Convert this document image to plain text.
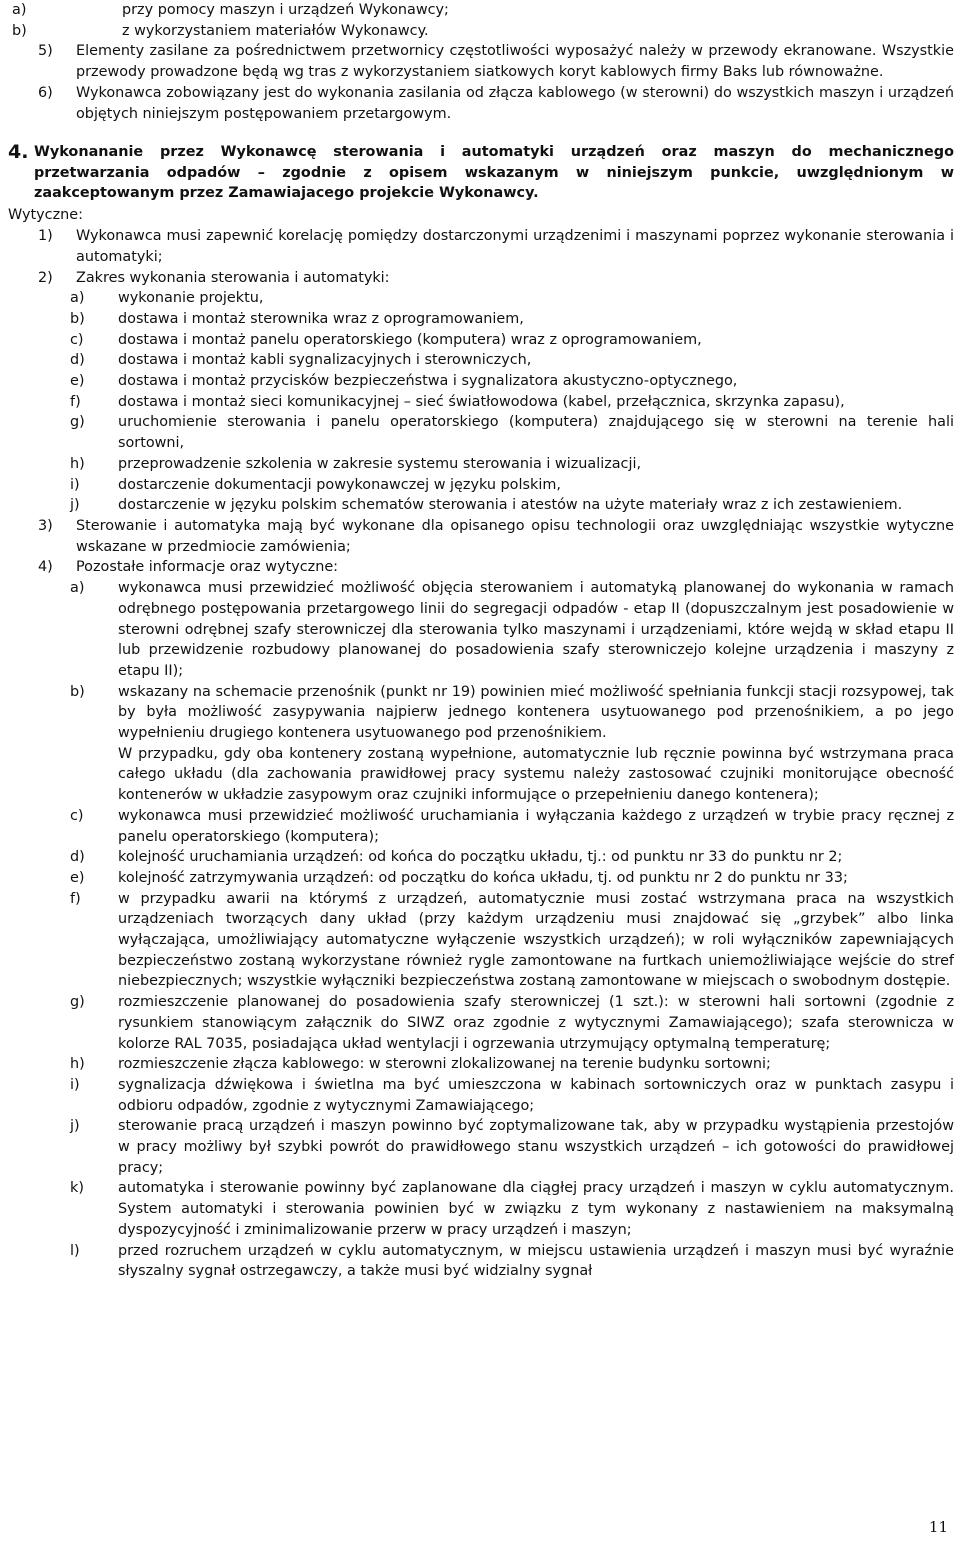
a)	przy pomocy maszyn i urządzeń Wykonawcy;
b)	z wykorzystaniem materiałów Wykonawcy.
5)	Elementy zasilane za pośrednictwem przetwornicy częstotliwości wyposażyć należy w przewody ekranowane. Wszystkie przewody prowadzone będą wg tras z wykorzystaniem siatkowych koryt kablowych firmy Baks lub równoważne.
6)	Wykonawca zobowiązany jest do wykonania zasilania od złącza kablowego (w sterowni) do wszystkich maszyn i urządzeń objętych niniejszym postępowaniem przetargowym.
4. Wykonananie przez Wykonawcę sterowania i automatyki urządzeń oraz maszyn do mechanicznego przetwarzania odpadów – zgodnie z opisem wskazanym w niniejszym punkcie, uwzględnionym w zaakceptowanym przez Zamawiajacego projekcie Wykonawcy.
Wytyczne:
1)	Wykonawca musi zapewnić korelację pomiędzy dostarczonymi urządzenimi i maszynami poprzez wykonanie sterowania i automatyki;
2)	Zakres wykonania sterowania i automatyki:
a)	wykonanie projektu,
b)	dostawa i montaż sterownika wraz z oprogramowaniem,
c)	dostawa i montaż panelu operatorskiego (komputera) wraz z oprogramowaniem,
d)	dostawa i montaż kabli sygnalizacyjnych i sterowniczych,
e)	dostawa i montaż przycisków bezpieczeństwa i sygnalizatora akustyczno-optycznego,
f)	dostawa i montaż sieci komunikacyjnej – sieć światłowodowa (kabel, przełącznica, skrzynka zapasu),
g)	uruchomienie sterowania i panelu operatorskiego (komputera) znajdującego się w sterowni na terenie hali sortowni,
h)	przeprowadzenie szkolenia w zakresie systemu sterowania i wizualizacji,
i)	dostarczenie dokumentacji powykonawczej w języku polskim,
j)	dostarczenie w języku polskim schematów sterowania i atestów na użyte materiały wraz z ich zestawieniem.
3)	Sterowanie i automatyka mają być wykonane dla opisanego opisu technologii oraz uwzględniając wszystkie wytyczne wskazane w przedmiocie zamówienia;
4)	Pozostałe informacje oraz wytyczne:
a)	wykonawca musi przewidzieć możliwość objęcia sterowaniem i automatyką planowanej do wykonania w ramach odrębnego postępowania przetargowego linii do segregacji odpadów - etap II (dopuszczalnym jest posadowienie w sterowni odrębnej szafy sterowniczej dla sterowania tylko maszynami i urządzeniami, które wejdą w skład etapu II lub przewidzenie rozbudowy planowanej do posadowienia szafy sterowniczejo kolejne urządzenia i maszyny z etapu II);
b)	wskazany na schemacie przenośnik (punkt nr 19) powinien mieć możliwość spełniania funkcji stacji rozsypowej, tak by była możliwość zasypywania najpierw jednego kontenera usytuowanego pod przenośnikiem, a po jego wypełnieniu drugiego kontenera usytuowanego pod przenośnikiem.
W przypadku, gdy oba kontenery zostaną wypełnione, automatycznie lub ręcznie powinna być wstrzymana praca całego układu (dla zachowania prawidłowej pracy systemu należy zastosować czujniki monitorujące obecność kontenerów w układzie zasypowym oraz czujniki informujące o przepełnieniu danego kontenera);
c)	wykonawca musi przewidzieć możliwość uruchamiania i wyłączania każdego z urządzeń w trybie pracy ręcznej z panelu operatorskiego (komputera);
d)	kolejność uruchamiania urządzeń: od końca do początku układu, tj.: od punktu nr 33 do punktu nr 2;
e)	kolejność zatrzymywania urządzeń: od początku do końca układu, tj. od punktu nr 2 do punktu nr 33;
f)	w przypadku awarii na którymś z urządzeń, automatycznie musi zostać wstrzymana praca na wszystkich urządzeniach tworzących dany układ (przy każdym urządzeniu musi znajdować się „grzybek” albo linka wyłączająca, umożliwiający automatyczne wyłączenie wszystkich urządzeń); w roli wyłączników zapewniających bezpieczeństwo zostaną wykorzystane również rygle zamontowane na furtkach uniemożliwiające wejście do stref niebezpiecznych; wszystkie wyłączniki bezpieczeństwa zostaną zamontowane w miejscach o swobodnym dostępie.
g)	rozmieszczenie planowanej do posadowienia szafy sterowniczej (1 szt.): w sterowni hali sortowni (zgodnie z rysunkiem stanowiącym załącznik do SIWZ oraz zgodnie z wytycznymi Zamawiającego); szafa sterownicza w kolorze RAL 7035, posiadająca układ wentylacji i ogrzewania utrzymujący optymalną temperaturę;
h)	rozmieszczenie złącza kablowego: w sterowni zlokalizowanej na terenie budynku sortowni;
i)	sygnalizacja dźwiękowa i świetlna ma być umieszczona w kabinach sortowniczych oraz w punktach zasypu i odbioru odpadów, zgodnie z wytycznymi Zamawiającego;
j)	sterowanie pracą urządzeń i maszyn powinno być zoptymalizowane tak, aby w przypadku wystąpienia przestojów w pracy możliwy był szybki powrót do prawidłowego stanu wszystkich urządzeń – ich gotowości do prawidłowej pracy;
k)	automatyka i sterowanie powinny być zaplanowane dla ciągłej pracy urządzeń i maszyn w cyklu automatycznym. System automatyki i sterowania powinien być w związku z tym wykonany z nastawieniem na maksymalną dyspozycyjność i zminimalizowanie przerw w pracy urządzeń i maszyn;
l)	przed rozruchem urządzeń w cyklu automatycznym, w miejscu ustawienia urządzeń i maszyn musi być wyraźnie słyszalny sygnał ostrzegawczy, a także musi być widzialny sygnał
11
